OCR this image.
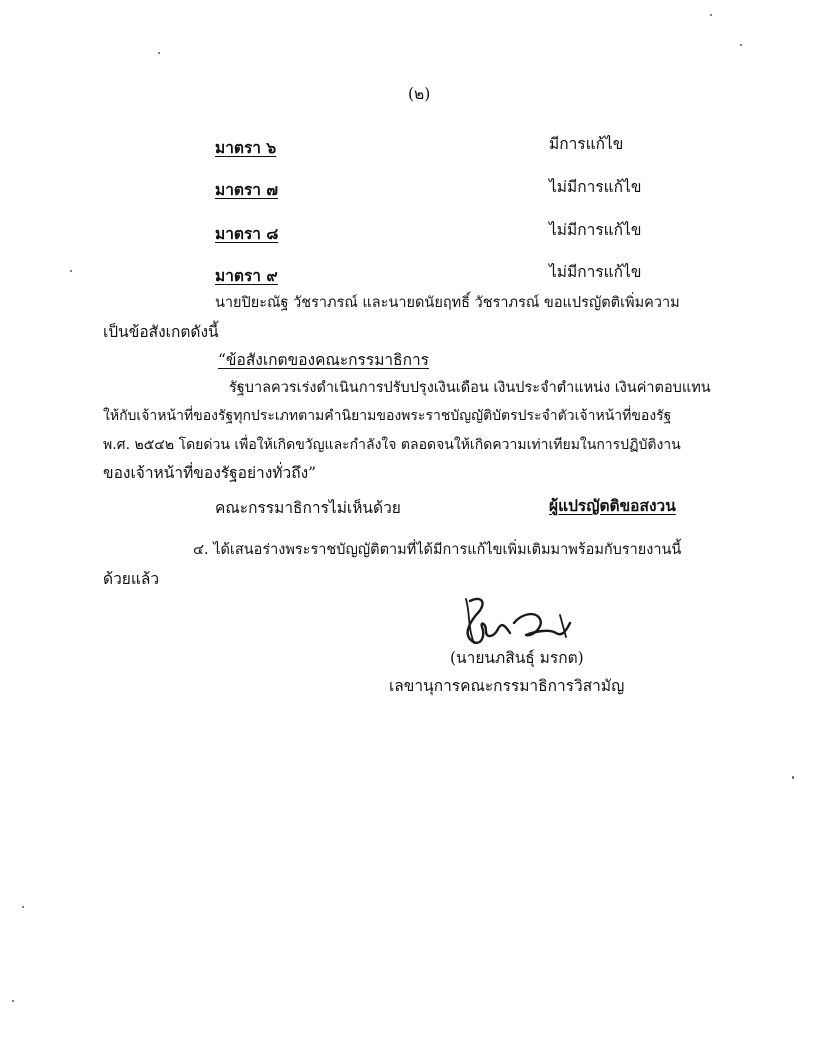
(๒)
มาตรา ๖	มีการแก้ไข
มาตรา ๗	ไม่มีการแก้ไข
มาตรา ๘	ไม่มีการแก้ไข
มาตรา ๙	ไม่มีการแก้ไข
นายปิยะณัฐ วัชราภรณ์ และนายดนัยฤทธิ์ วัชราภรณ์ ขอแปรญัตติเพิ่มความ
เป็นข้อสังเกตดังนี้
“ข้อสังเกตของคณะกรรมาธิการ
รัฐบาลควรเร่งดำเนินการปรับปรุงเงินเดือน เงินประจำตำแหน่ง เงินค่าตอบแทน
ให้กับเจ้าหน้าที่ของรัฐทุกประเภทตามคำนิยามของพระราชบัญญัติบัตรประจำตัวเจ้าหน้าที่ของรัฐ
พ.ศ. ๒๕๔๒ โดยด่วน เพื่อให้เกิดขวัญและกำลังใจ ตลอดจนให้เกิดความเท่าเทียมในการปฏิบัติงาน
ของเจ้าหน้าที่ของรัฐอย่างทั่วถึง”
คณะกรรมาธิการไม่เห็นด้วย	ผู้แปรญัตติขอสงวน
๔. ได้เสนอร่างพระราชบัญญัติตามที่ได้มีการแก้ไขเพิ่มเติมมาพร้อมกับรายงานนี้
ด้วยแล้ว
(นายนภสินธุ์ มรกต)
เลขานุการคณะกรรมาธิการวิสามัญ
